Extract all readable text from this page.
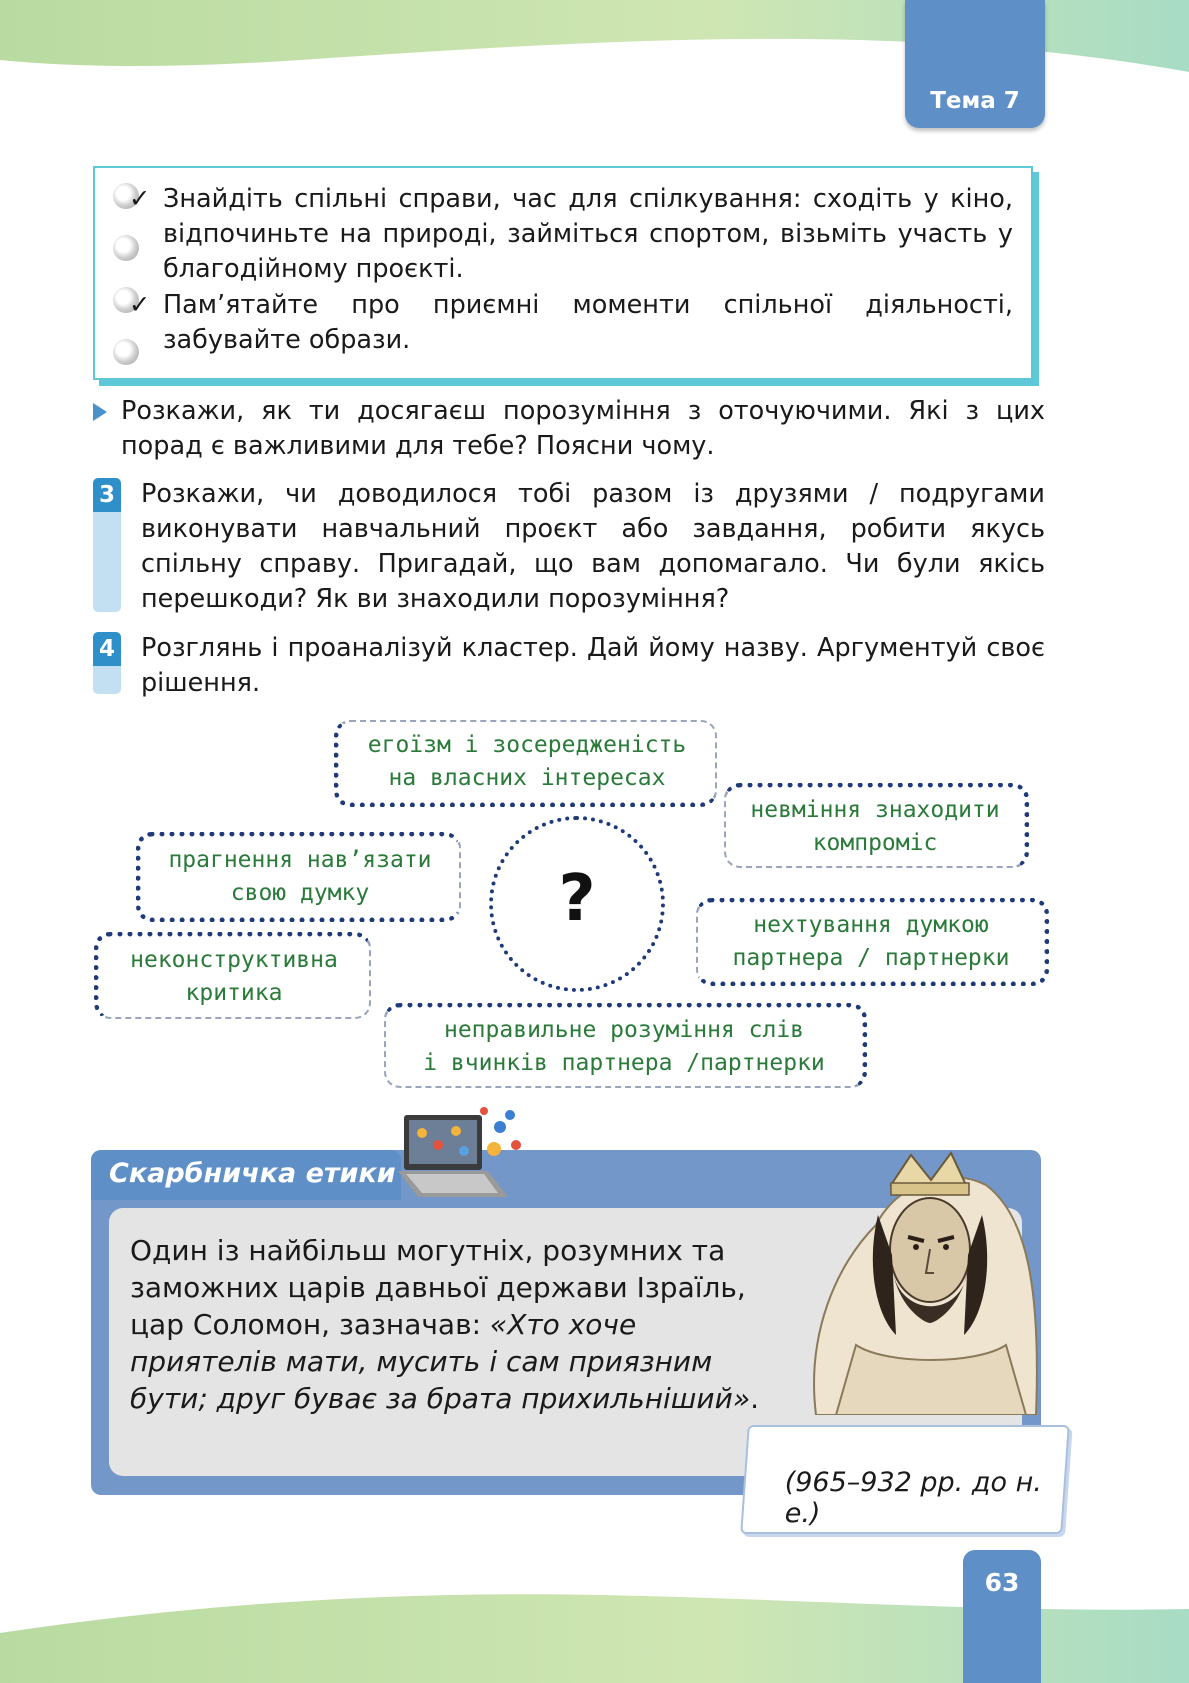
Тема 7
✓ Знайдіть спільні справи, час для спілкування: сходіть у кіно, відпочиньте на природі, займіться спортом, візьміть участь у благодійному проєкті.
✓ Пам’ятайте про приємні моменти спільної діяльності, забувайте образи.
Розкажи, як ти досягаєш порозуміння з оточуючими. Які з цих порад є важливими для тебе? Поясни чому.
3 Розкажи, чи доводилося тобі разом із друзями / подругами виконувати навчальний проєкт або завдання, робити якусь спільну справу. Пригадай, що вам допомагало. Чи були якісь перешкоди? Як ви знаходили порозуміння?
4 Розглянь і проаналізуй кластер. Дай йому назву. Аргументуй своє рішення.
?
егоїзм і зосередженість
на власних інтересах
невміння знаходити
компроміс
прагнення нав’язати
свою думку
нехтування думкою
партнера / партнерки
неконструктивна
критика
неправильне розуміння слів
і вчинків партнера /партнерки
Скарбничка етики
Один із найбільш могутніх, розумних та заможних царів давньої держави Ізраїль, цар Соломон, зазначав: «Хто хоче приятелів мати, мусить і сам приязним бути; друг буває за брата прихильніший».
(965–932 рр. до н. е.)
63
